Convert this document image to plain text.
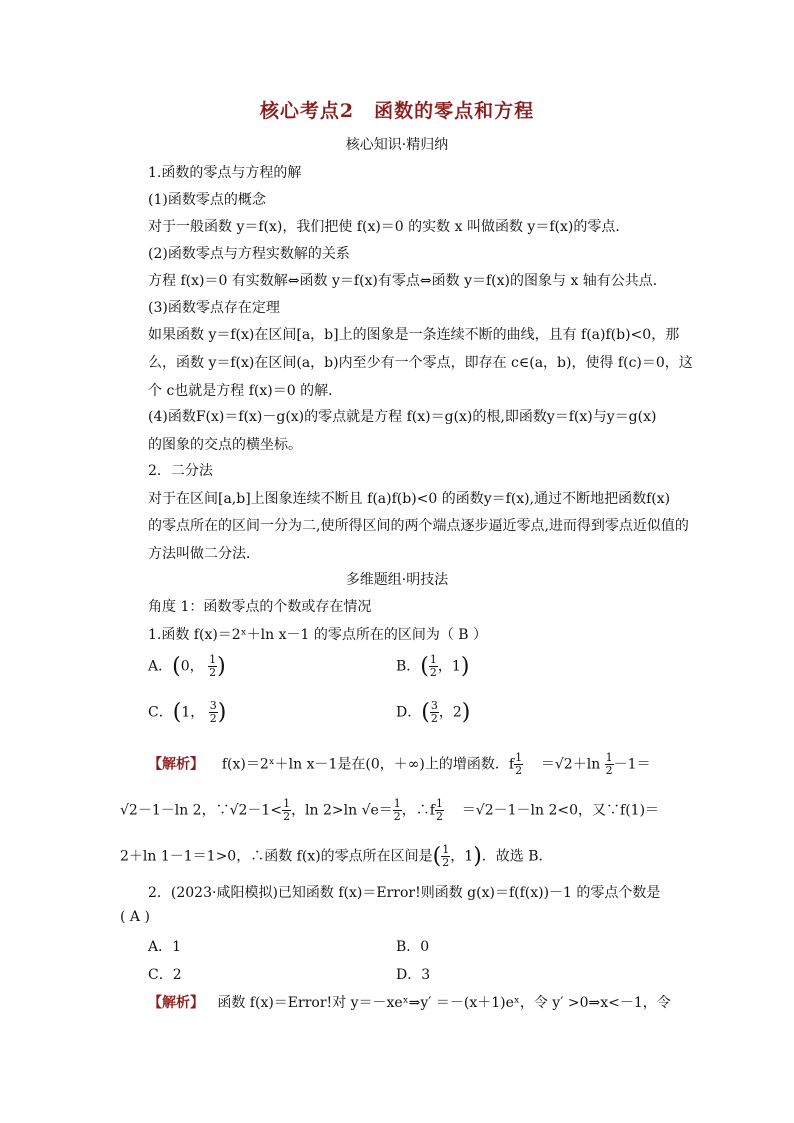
核心考点2　函数的零点和方程
核心知识·精归纳
1.函数的零点与方程的解
(1)函数零点的概念
对于一般函数 y＝f(x)，我们把使 f(x)＝0 的实数 x 叫做函数 y＝f(x)的零点．
(2)函数零点与方程实数解的关系
方程 f(x)＝0 有实数解⇔函数 y＝f(x)有零点⇔函数 y＝f(x)的图象与 x 轴有公共点．
(3)函数零点存在定理
如果函数 y＝f(x)在区间[a，b]上的图象是一条连续不断的曲线，且有 f(a)f(b)<0，那
么，函数 y＝f(x)在区间(a，b)内至少有一个零点，即存在 c∈(a，b)，使得 f(c)＝0，这
个 c也就是方程 f(x)＝0 的解．
(4)函数F(x)＝f(x)－g(x)的零点就是方程 f(x)＝g(x)的根,即函数y＝f(x)与y＝g(x)
的图象的交点的横坐标。
2．二分法
对于在区间[a,b]上图象连续不断且 f(a)f(b)<0 的函数y＝f(x),通过不断地把函数f(x)
的零点所在的区间一分为二,使所得区间的两个端点逐步逼近零点,进而得到零点近似值的
方法叫做二分法．
多维题组·明技法
角度 1：函数零点的个数或存在情况
1.函数 f(x)＝2ˣ＋ln x－1 的零点所在的区间为（ B ）
A．(0， $\frac{1}{2}$ )	B．( $\frac{1}{2}$ ，1)
C．(1， $\frac{3}{2}$ )	D．( $\frac{3}{2}$ ，2)
【解析】 f(x)＝2ˣ＋ln x－1是在(0，＋∞)上的增函数．f $\frac{1}{2} =√2+\ln \frac{1}{2} -1=$
√2－1－ln 2，∵√2－1< $\frac{1}{2}$ ，ln 2>ln $√e= \frac{1}{2}$ ，∴f $\frac{1}{2} =√2-1-\ln$ 2<0，又∵f(1)＝
2＋ln 1－1＝1>0，∴函数 f(x)的零点所在区间是( $\frac{1}{2}$ ，1)．故选 B．
2．(2023·咸阳模拟)已知函数 f(x)＝Error!则函数 g(x)＝f(f(x))－1 的零点个数是
( A )
A．1	B．0
C．2	D．3
【解析】 函数 f(x)＝Error!对 y＝－xeˣ⇒y′ ＝－(x＋1)eˣ，令 y′ >0⇒x<－1，令
